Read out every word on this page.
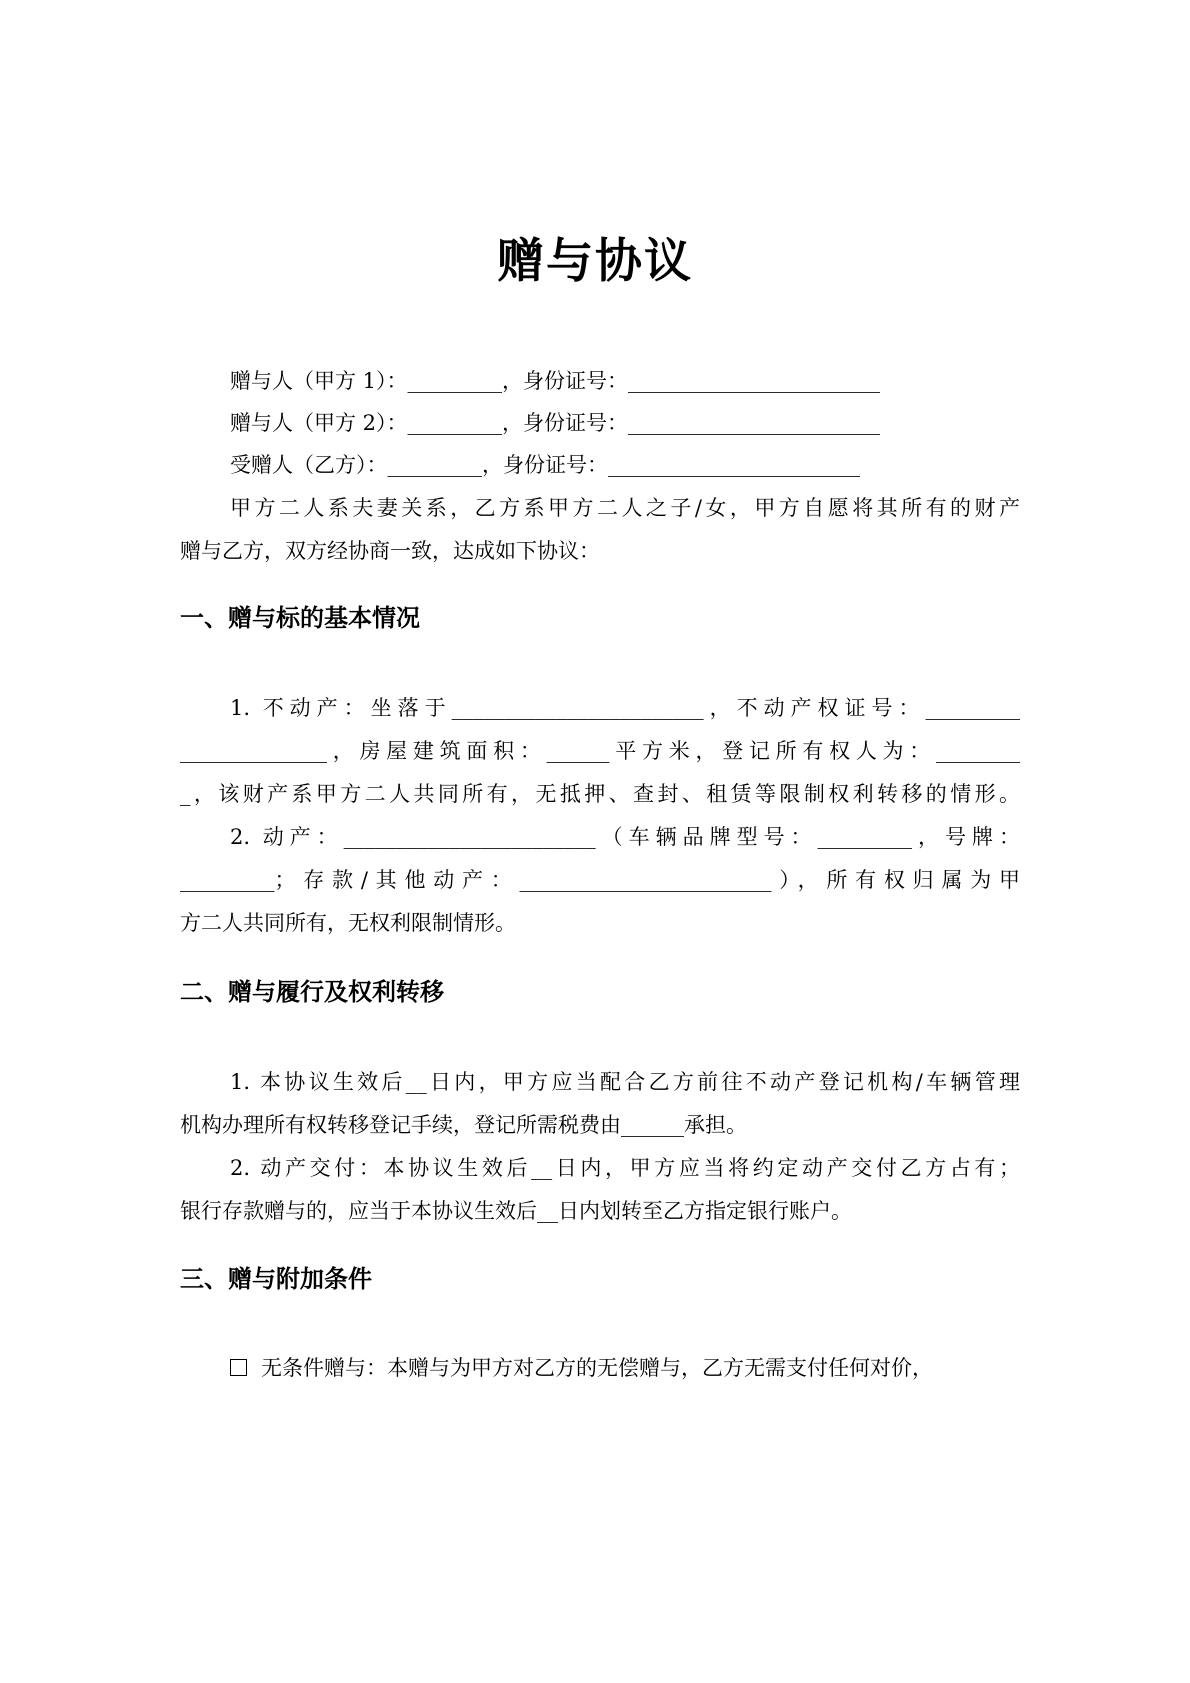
赠与协议
赠与人（甲方 1）：_________，身份证号：________________________
赠与人（甲方 2）：_________，身份证号：________________________
受赠人（乙方）：_________，身份证号：________________________
甲方二人系夫妻关系，乙方系甲方二人之子/女，甲方自愿将其所有的财产
赠与乙方，双方经协商一致，达成如下协议：
一、赠与标的基本情况
1. 不动产：坐落于________________________，不动产权证号：_________
______________，房屋建筑面积：______平方米，登记所有权人为：________
_，该财产系甲方二人共同所有，无抵押、查封、租赁等限制权利转移的情形。
2. 动产：________________________（车辆品牌型号：_________，号牌：
_________；存款/其他动产：________________________），所有权归属为甲
方二人共同所有，无权利限制情形。
二、赠与履行及权利转移
1. 本协议生效后__日内，甲方应当配合乙方前往不动产登记机构/车辆管理
机构办理所有权转移登记手续，登记所需税费由______承担。
2. 动产交付：本协议生效后__日内，甲方应当将约定动产交付乙方占有；
银行存款赠与的，应当于本协议生效后__日内划转至乙方指定银行账户。
三、赠与附加条件
无条件赠与：本赠与为甲方对乙方的无偿赠与，乙方无需支付任何对价，
